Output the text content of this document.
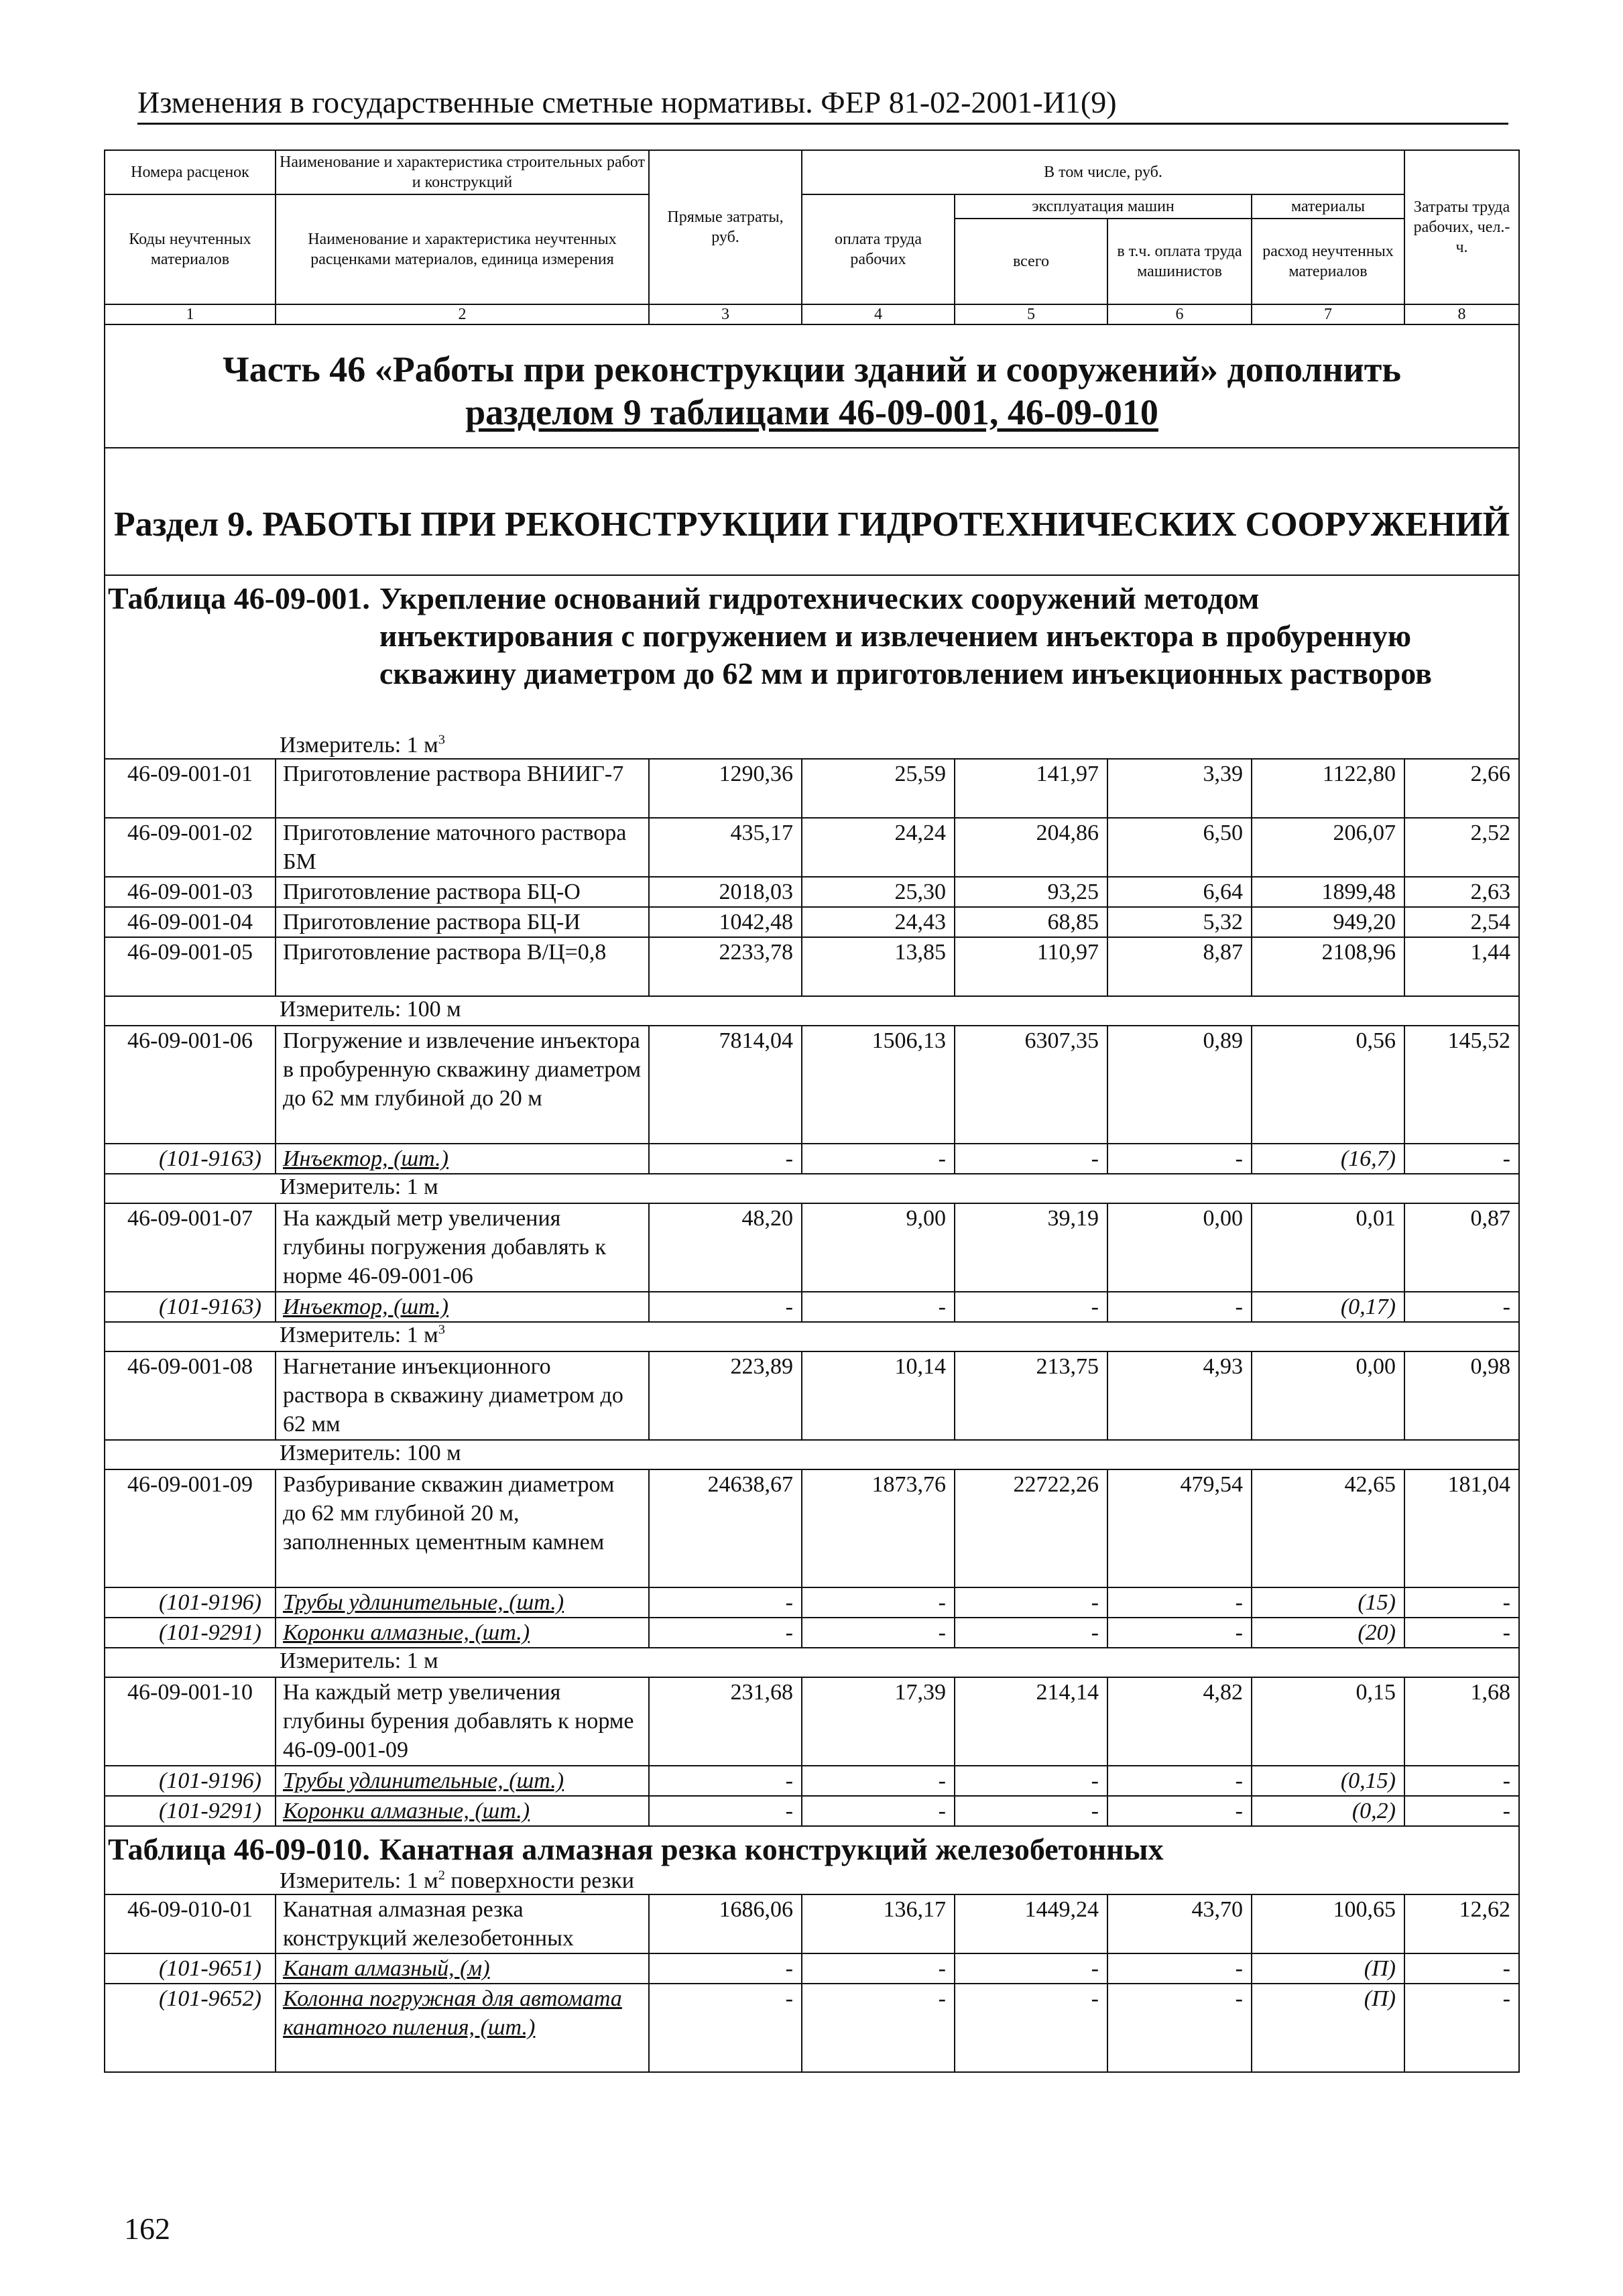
Изменения в государственные сметные нормативы. ФЕР 81-02-2001-И1(9)
Номера расценок	Наименование и характеристика строительных работ и конструкций	Прямые затраты, руб.	В том числе, руб.				Затраты труда рабочих, чел.-ч.
Коды неучтенных материалов	Наименование и характеристика неучтенных расценками материалов, единица измерения		оплата труда рабочих	эксплуатация машин		материалы	
				всего	в т.ч. оплата труда машинистов	расход неучтенных материалов	
1	2	3	4	5	6	7	8

Часть 46 «Работы при реконструкции зданий и сооружений» дополнить
разделом 9 таблицами 46-09-001, 46-09-010							

Раздел 9. РАБОТЫ ПРИ РЕКОНСТРУКЦИИ ГИДРОТЕХНИЧЕСКИХ СООРУЖЕНИЙ							
Таблица 46-09-001. Укрепление оснований гидротехнических сооружений методом инъектирования с погружением и извлечением инъектора в пробуренную скважину диаметром до 62 мм и приготовлением инъекционных растворов							
Измеритель: 1 $м^3$
46-09-001-01	Приготовление раствора ВНИИГ-7	1290,36	25,59	141,97	3,39	1122,80	2,66
46-09-001-02	Приготовление маточного раствора БМ	435,17	24,24	204,86	6,50	206,07	2,52
46-09-001-03	Приготовление раствора БЦ-О	2018,03	25,30	93,25	6,64	1899,48	2,63
46-09-001-04	Приготовление раствора БЦ-И	1042,48	24,43	68,85	5,32	949,20	2,54
46-09-001-05	Приготовление раствора В/Ц=0,8	2233,78	13,85	110,97	8,87	2108,96	1,44
Измеритель: 100 м							
46-09-001-06	Погружение и извлечение инъектора в пробуренную скважину диаметром до 62 мм глубиной до 20 м	7814,04	1506,13	6307,35	0,89	0,56	145,52
(101-9163)	Инъектор, (шт.)	-	-	-	-	(16,7)	-
Измеритель: 1 м							
46-09-001-07	На каждый метр увеличения глубины погружения добавлять к норме 46-09-001-06	48,20	9,00	39,19	0,00	0,01	0,87
(101-9163)	Инъектор, (шт.)	-	-	-	-	(0,17)	-
Измеритель: 1 $м^3$
46-09-001-08	Нагнетание инъекционного раствора в скважину диаметром до 62 мм	223,89	10,14	213,75	4,93	0,00	0,98
Измеритель: 100 м							
46-09-001-09	Разбуривание скважин диаметром до 62 мм глубиной 20 м, заполненных цементным камнем	24638,67	1873,76	22722,26	479,54	42,65	181,04
(101-9196)	Трубы удлинительные, (шт.)	-	-	-	-	(15)	-
(101-9291)	Коронки алмазные, (шт.)	-	-	-	-	(20)	-
Измеритель: 1 м							
46-09-001-10	На каждый метр увеличения глубины бурения добавлять к норме 46-09-001-09	231,68	17,39	214,14	4,82	0,15	1,68
(101-9196)	Трубы удлинительные, (шт.)	-	-	-	-	(0,15)	-
(101-9291)	Коронки алмазные, (шт.)	-	-	-	-	(0,2)	-
Таблица 46-09-010. Канатная алмазная резка конструкций железобетонных							
Измеритель: 1 $м^2$ поверхности резки							
46-09-010-01	Канатная алмазная резка конструкций железобетонных	1686,06	136,17	1449,24	43,70	100,65	12,62
(101-9651)	Канат алмазный, (м)	-	-	-	-	(П)	-
(101-9652)	Колонна погружная для автомата канатного пиления, (шт.)	-	-	-	-	(П)	-
162
